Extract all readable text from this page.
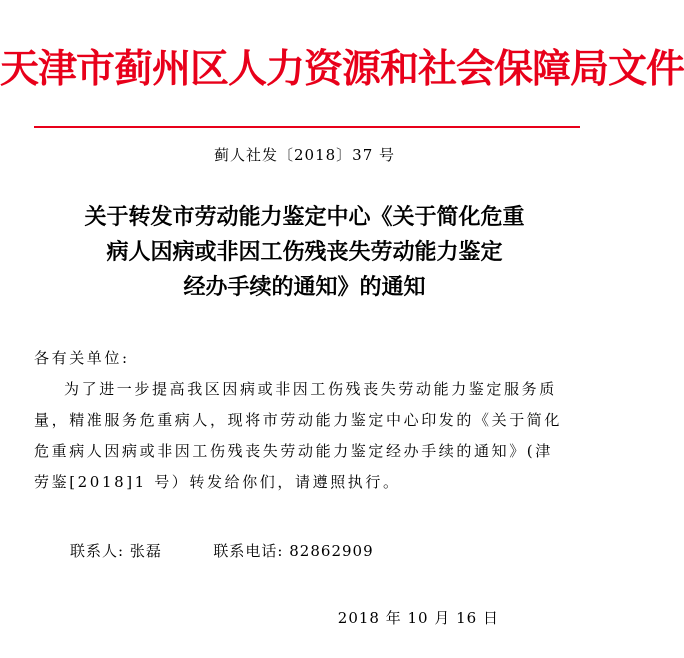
天津市蓟州区人力资源和社会保障局文件
蓟人社发〔2018〕37 号
关于转发市劳动能力鉴定中心《关于简化危重
病人因病或非因工伤残丧失劳动能力鉴定
经办手续的通知》的通知
各有关单位:
为了进一步提高我区因病或非因工伤残丧失劳动能力鉴定服务质量，精准服务危重病人，现将市劳动能力鉴定中心印发的《关于简化危重病人因病或非因工伤残丧失劳动能力鉴定经办手续的通知》(津劳鉴[2018]1 号）转发给你们，请遵照执行。
联系人: 张磊	联系电话: 82862909
2018 年 10 月 16 日
